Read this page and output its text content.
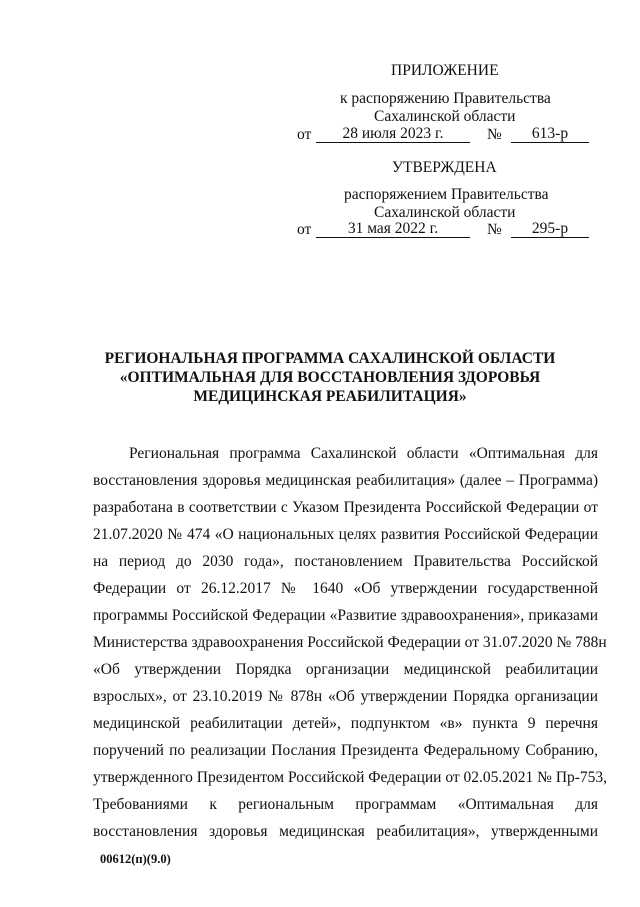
ПРИЛОЖЕНИЕ
к распоряжению Правительства
Сахалинской области
от	28 июля 2023 г.	№	613-р
УТВЕРЖДЕНА
распоряжением Правительства
Сахалинской области
от	31 мая 2022 г.	№	295-р
РЕГИОНАЛЬНАЯ ПРОГРАММА САХАЛИНСКОЙ ОБЛАСТИ
«ОПТИМАЛЬНАЯ ДЛЯ ВОССТАНОВЛЕНИЯ ЗДОРОВЬЯ
МЕДИЦИНСКАЯ РЕАБИЛИТАЦИЯ»
Региональная программа Сахалинской области «Оптимальная для
восстановления здоровья медицинская реабилитация» (далее – Программа)
разработана в соответствии с Указом Президента Российской Федерации от
21.07.2020 № 474 «О национальных целях развития Российской Федерации
на период до 2030 года», постановлением Правительства Российской
Федерации от 26.12.2017 № 1640 «Об утверждении государственной
программы Российской Федерации «Развитие здравоохранения», приказами
Министерства здравоохранения Российской Федерации от 31.07.2020 № 788н
«Об утверждении Порядка организации медицинской реабилитации
взрослых», от 23.10.2019 № 878н «Об утверждении Порядка организации
медицинской реабилитации детей», подпунктом «в» пункта 9 перечня
поручений по реализации Послания Президента Федеральному Собранию,
утвержденного Президентом Российской Федерации от 02.05.2021 № Пр-753,
Требованиями к региональным программам «Оптимальная для
восстановления здоровья медицинская реабилитация», утвержденными
00612(п)(9.0)
